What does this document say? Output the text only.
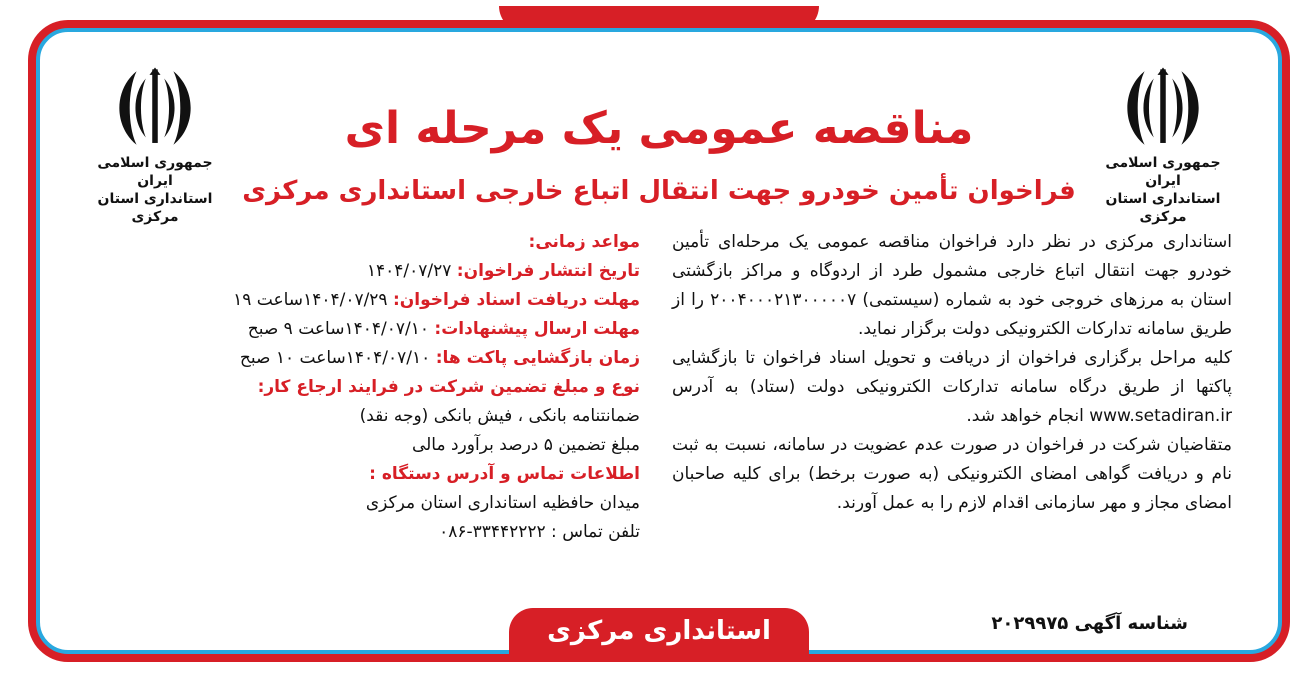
جمهوری اسلامی ایران
استانداری استان مرکزی
جمهوری اسلامی ایران
استانداری استان مرکزی
مناقصه عمومی یک مرحله ای
فراخوان تأمین خودرو جهت انتقال اتباع خارجی استانداری مرکزی
استانداری مرکزی در نظر دارد فراخوان مناقصه عمومی یک مرحله‌ای تأمین خودرو جهت انتقال اتباع خارجی مشمول طرد از اردوگاه و مراکز بازگشتی استان به مرزهای خروجی خود به شماره (سیستمی) ۲۰۰۴۰۰۰۲۱۳۰۰۰۰۰۷ را از طریق سامانه تدارکات الکترونیکی دولت برگزار نماید.
کلیه مراحل برگزاری فراخوان از دریافت و تحویل اسناد فراخوان تا بازگشایی پاکتها از طریق درگاه سامانه تدارکات الکترونیکی دولت (ستاد) به آدرس www.setadiran.ir انجام خواهد شد.
متقاضیان شرکت در فراخوان در صورت عدم عضویت در سامانه، نسبت به ثبت نام و دریافت گواهی امضای الکترونیکی (به صورت برخط) برای کلیه صاحبان امضای مجاز و مهر سازمانی اقدام لازم را به عمل آورند.
مواعد زمانی:
تاریخ انتشار فراخوان: ۱۴۰۴/۰۷/۲۷
مهلت دریافت اسناد فراخوان: ۱۴۰۴/۰۷/۲۹ساعت ۱۹
مهلت ارسال پیشنهادات: ۱۴۰۴/۰۷/۱۰ساعت ۹ صبح
زمان بازگشایی پاکت ها: ۱۴۰۴/۰۷/۱۰ساعت ۱۰ صبح
نوع و مبلغ تضمین شرکت در فرایند ارجاع کار:
ضمانتنامه بانکی ، فیش بانکی (وجه نقد)
مبلغ تضمین ۵ درصد برآورد مالی
اطلاعات تماس و آدرس دستگاه :
میدان حافظیه استانداری استان مرکزی
تلفن تماس : ۳۳۴۴۲۲۲۲-۰۸۶
شناسه آگهی ۲۰۲۹۹۷۵
استانداری مرکزی
